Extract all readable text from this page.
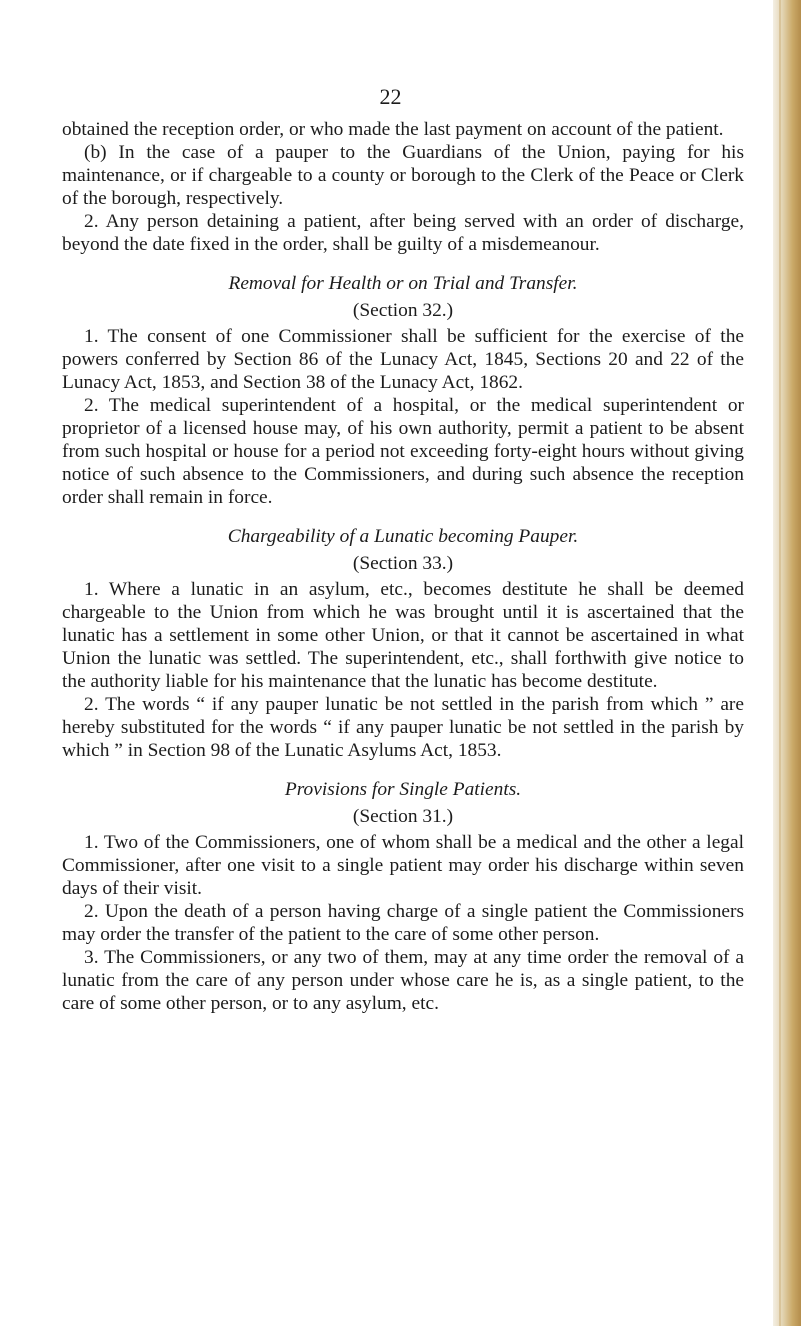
22

obtained the reception order, or who made the last payment on account of the patient.

(b) In the case of a pauper to the Guardians of the Union, paying for his maintenance, or if chargeable to a county or borough to the Clerk of the Peace or Clerk of the borough, respectively.

2. Any person detaining a patient, after being served with an order of discharge, beyond the date fixed in the order, shall be guilty of a misdemeanour.

Removal for Health or on Trial and Transfer.

(Section 32.)

1. The consent of one Commissioner shall be sufficient for the exercise of the powers conferred by Section 86 of the Lunacy Act, 1845, Sections 20 and 22 of the Lunacy Act, 1853, and Section 38 of the Lunacy Act, 1862.

2. The medical superintendent of a hospital, or the medical superintendent or proprietor of a licensed house may, of his own authority, permit a patient to be absent from such hospital or house for a period not exceeding forty-eight hours without giving notice of such absence to the Commissioners, and during such absence the reception order shall remain in force.

Chargeability of a Lunatic becoming Pauper.

(Section 33.)

1. Where a lunatic in an asylum, etc., becomes destitute he shall be deemed chargeable to the Union from which he was brought until it is ascertained that the lunatic has a settlement in some other Union, or that it cannot be ascertained in what Union the lunatic was settled. The superintendent, etc., shall forthwith give notice to the authority liable for his maintenance that the lunatic has become destitute.

2. The words “ if any pauper lunatic be not settled in the parish from which ” are hereby substituted for the words “ if any pauper lunatic be not settled in the parish by which ” in Section 98 of the Lunatic Asylums Act, 1853.

Provisions for Single Patients.

(Section 31.)

1. Two of the Commissioners, one of whom shall be a medical and the other a legal Commissioner, after one visit to a single patient may order his discharge within seven days of their visit.

2. Upon the death of a person having charge of a single patient the Commissioners may order the transfer of the patient to the care of some other person.

3. The Commissioners, or any two of them, may at any time order the removal of a lunatic from the care of any person under whose care he is, as a single patient, to the care of some other person, or to any asylum, etc.
